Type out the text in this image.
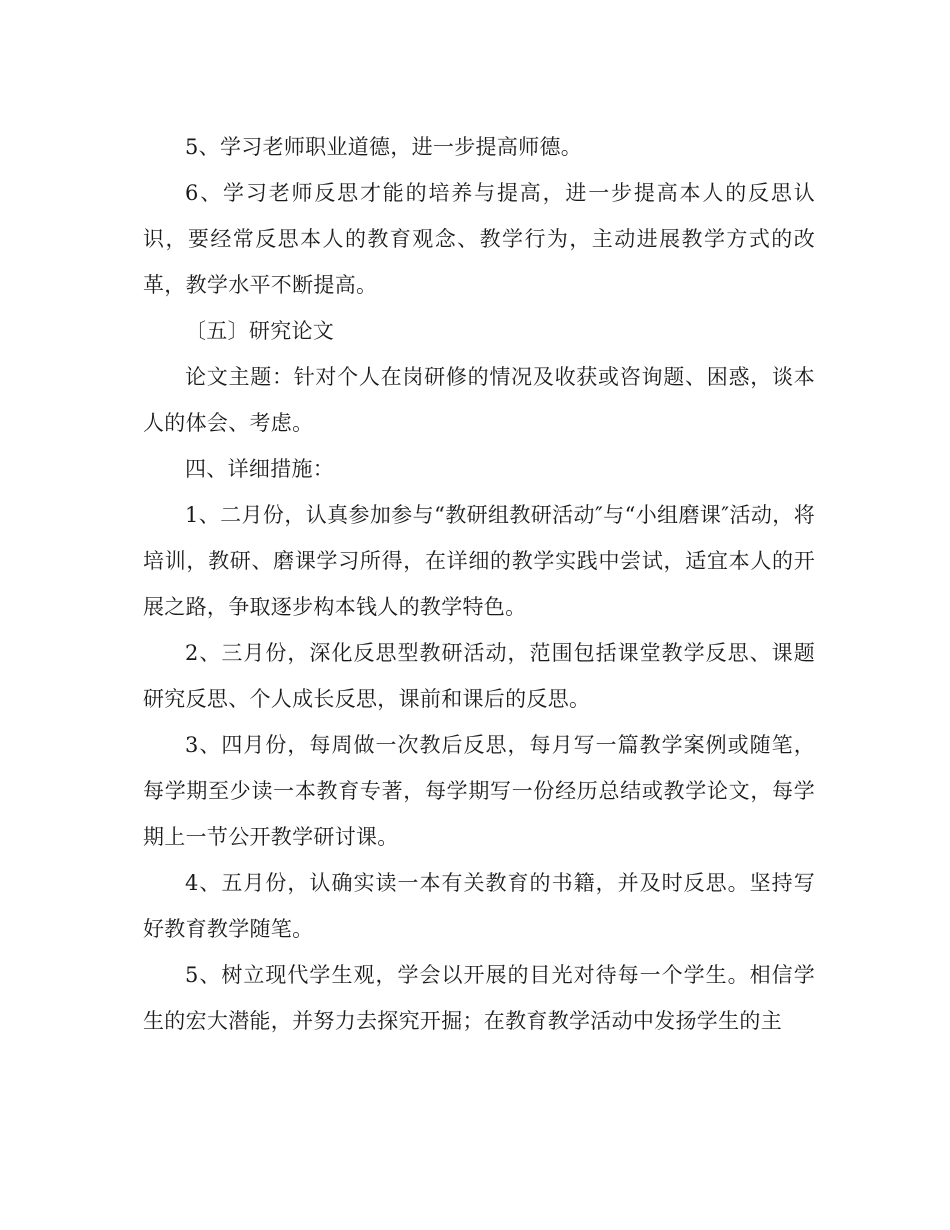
5、学习老师职业道德，进一步提高师德。

6、学习老师反思才能的培养与提高，进一步提高本人的反思认识，要经常反思本人的教育观念、教学行为，主动进展教学方式的改革，教学水平不断提高。

〔五〕研究论文

论文主题：针对个人在岗研修的情况及收获或咨询题、困惑，谈本人的体会、考虑。

四、详细措施：

1、二月份，认真参加参与“教研组教研活动″与“小组磨课″活动，将培训，教研、磨课学习所得，在详细的教学实践中尝试，适宜本人的开展之路，争取逐步构本钱人的教学特色。

2、三月份，深化反思型教研活动，范围包括课堂教学反思、课题研究反思、个人成长反思，课前和课后的反思。

3、四月份，每周做一次教后反思，每月写一篇教学案例或随笔，每学期至少读一本教育专著，每学期写一份经历总结或教学论文，每学期上一节公开教学研讨课。

4、五月份，认确实读一本有关教育的书籍，并及时反思。坚持写好教育教学随笔。

5、树立现代学生观，学会以开展的目光对待每一个学生。相信学生的宏大潜能，并努力去探究开掘；在教育教学活动中发扬学生的主
